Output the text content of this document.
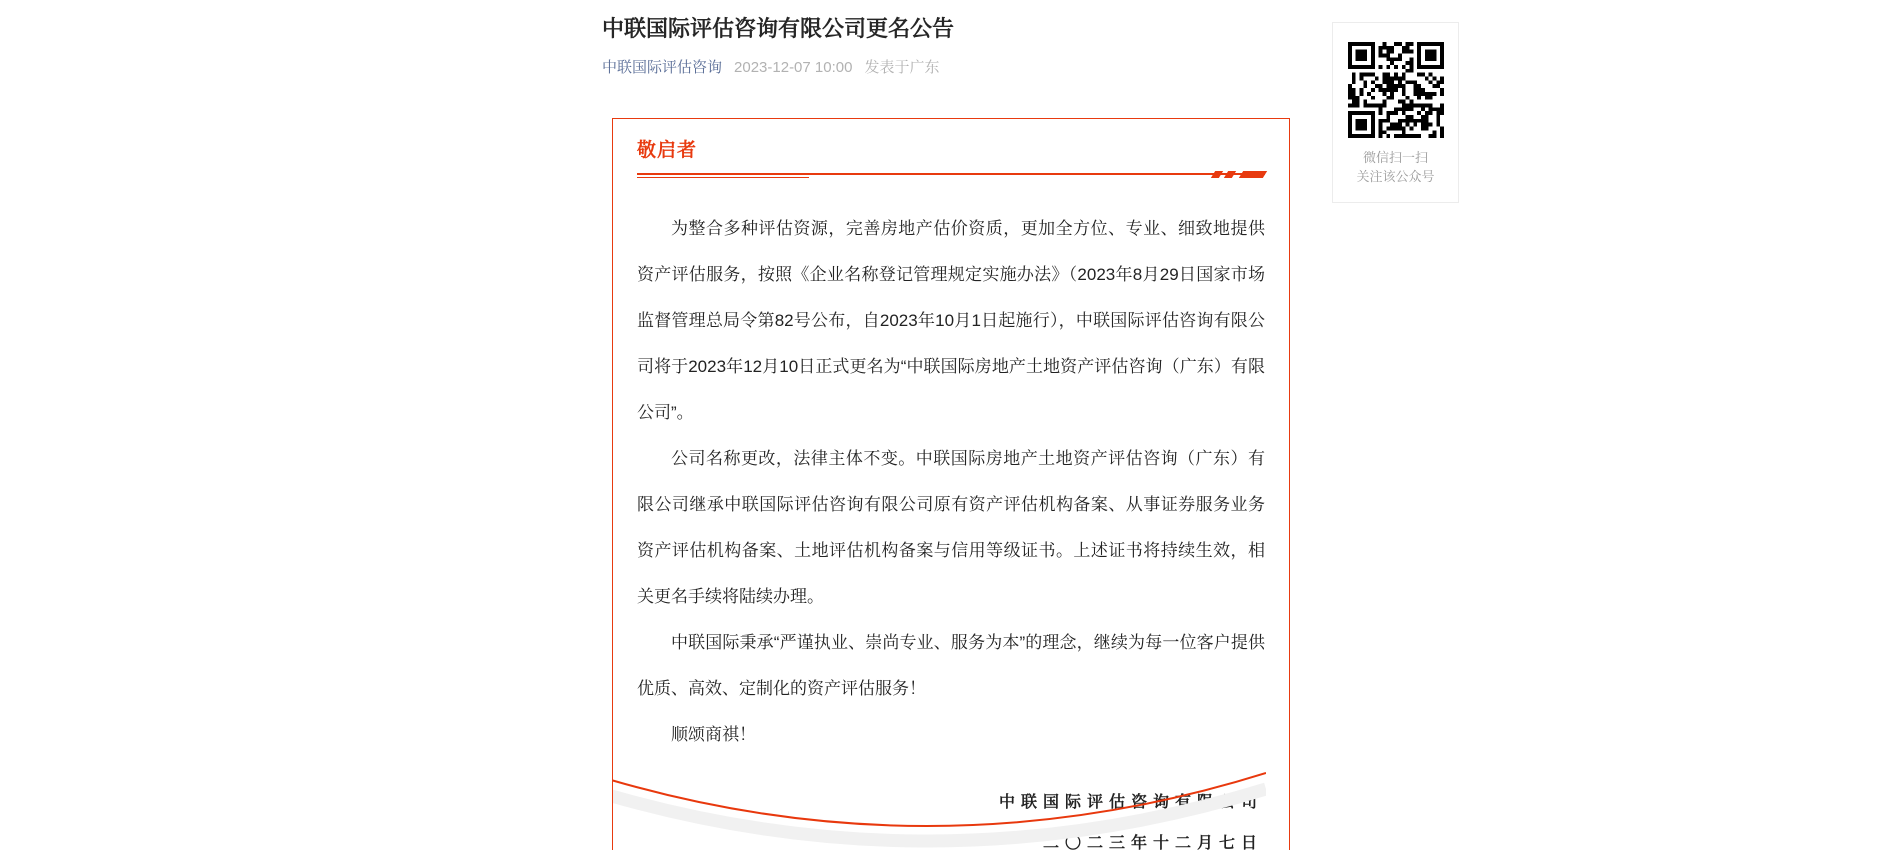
中联国际评估咨询有限公司更名公告
中联国际评估咨询 2023-12-07 10:00 发表于广东
敬启者

为整合多种评估资源，完善房地产估价资质，更加全方位、专业、细致地提供资产评估服务，按照《企业名称登记管理规定实施办法》（2023年8月29日国家市场监督管理总局令第82号公布，自2023年10月1日起施行），中联国际评估咨询有限公司将于2023年12月10日正式更名为“中联国际房地产土地资产评估咨询（广东）有限公司”。

公司名称更改，法律主体不变。中联国际房地产土地资产评估咨询（广东）有限公司继承中联国际评估咨询有限公司原有资产评估机构备案、从事证券服务业务资产评估机构备案、土地评估机构备案与信用等级证书。上述证书将持续生效，相关更名手续将陆续办理。

中联国际秉承“严谨执业、崇尚专业、服务为本”的理念，继续为每一位客户提供优质、高效、定制化的资产评估服务！

顺颂商祺！

中联国际评估咨询有限公司
二〇二三年十二月七日
微信扫一扫
关注该公众号
